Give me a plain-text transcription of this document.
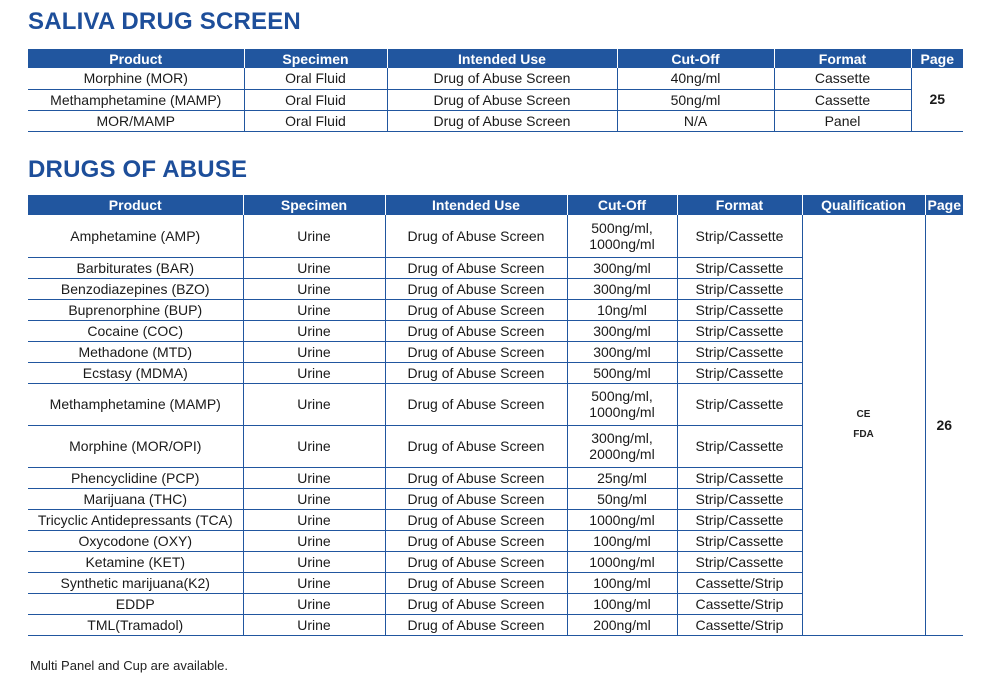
SALIVA DRUG SCREEN
Product	Specimen	Intended Use	Cut-Off	Format	Page
Morphine (MOR)	Oral Fluid	Drug of Abuse Screen	40ng/ml	Cassette	25
Methamphetamine (MAMP)	Oral Fluid	Drug of Abuse Screen	50ng/ml	Cassette	
MOR/MAMP	Oral Fluid	Drug of Abuse Screen	N/A	Panel	
DRUGS OF ABUSE
Product	Specimen	Intended Use	Cut-Off	Format	Qualification	Page
Amphetamine (AMP)	Urine	Drug of Abuse Screen	500ng/ml,
1000ng/ml	Strip/Cassette	CE
FDA	26
Barbiturates (BAR)	Urine	Drug of Abuse Screen	300ng/ml	Strip/Cassette		
Benzodiazepines (BZO)	Urine	Drug of Abuse Screen	300ng/ml	Strip/Cassette		
Buprenorphine (BUP)	Urine	Drug of Abuse Screen	10ng/ml	Strip/Cassette		
Cocaine (COC)	Urine	Drug of Abuse Screen	300ng/ml	Strip/Cassette		
Methadone (MTD)	Urine	Drug of Abuse Screen	300ng/ml	Strip/Cassette		
Ecstasy (MDMA)	Urine	Drug of Abuse Screen	500ng/ml	Strip/Cassette		
Methamphetamine (MAMP)	Urine	Drug of Abuse Screen	500ng/ml,
1000ng/ml	Strip/Cassette		
Morphine (MOR/OPI)	Urine	Drug of Abuse Screen	300ng/ml,
2000ng/ml	Strip/Cassette		
Phencyclidine (PCP)	Urine	Drug of Abuse Screen	25ng/ml	Strip/Cassette		
Marijuana (THC)	Urine	Drug of Abuse Screen	50ng/ml	Strip/Cassette		
Tricyclic Antidepressants (TCA)	Urine	Drug of Abuse Screen	1000ng/ml	Strip/Cassette		
Oxycodone (OXY)	Urine	Drug of Abuse Screen	100ng/ml	Strip/Cassette		
Ketamine (KET)	Urine	Drug of Abuse Screen	1000ng/ml	Strip/Cassette		
Synthetic marijuana(K2)	Urine	Drug of Abuse Screen	100ng/ml	Cassette/Strip		
EDDP	Urine	Drug of Abuse Screen	100ng/ml	Cassette/Strip		
TML(Tramadol)	Urine	Drug of Abuse Screen	200ng/ml	Cassette/Strip		

Multi Panel and Cup are available.
